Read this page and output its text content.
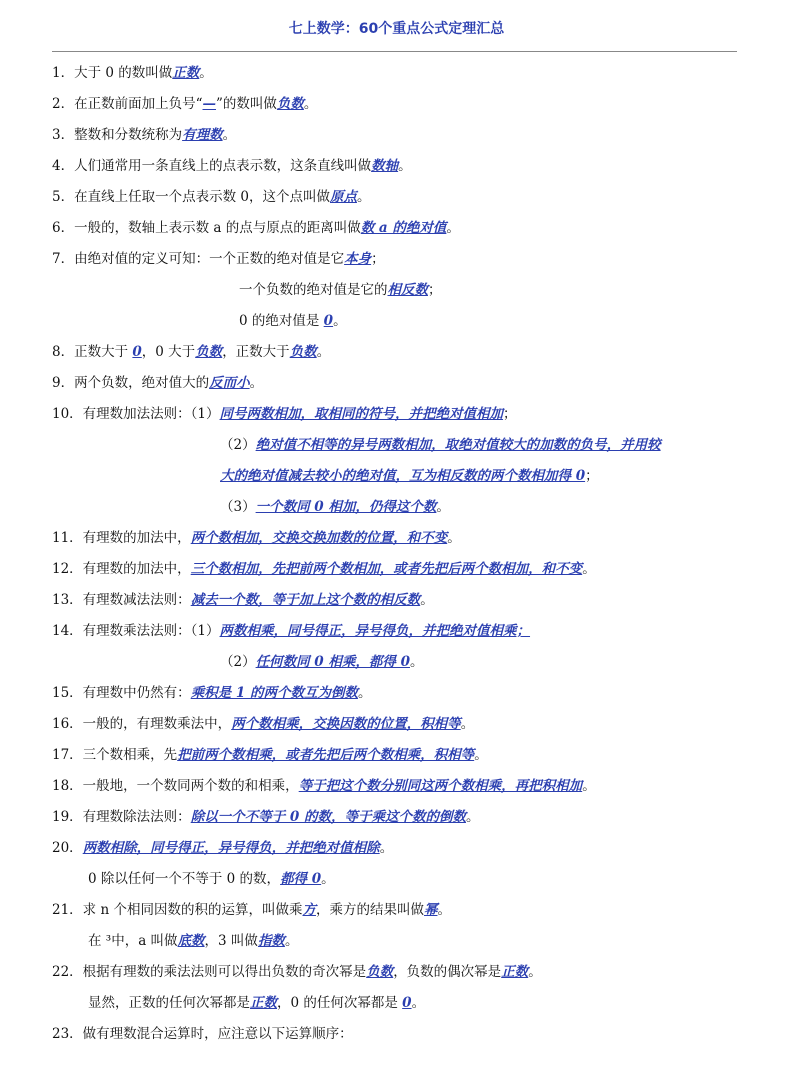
七上数学：60个重点公式定理汇总
1．大于 0 的数叫做正数。
2．在正数前面加上负号“—”的数叫做负数。
3．整数和分数统称为有理数。
4．人们通常用一条直线上的点表示数，这条直线叫做数轴。
5．在直线上任取一个点表示数 0，这个点叫做原点。
6．一般的，数轴上表示数 a 的点与原点的距离叫做数 a 的绝对值。
7．由绝对值的定义可知：一个正数的绝对值是它本身；
一个负数的绝对值是它的相反数；
0 的绝对值是 0。
8．正数大于 0，0 大于负数，正数大于负数。
9．两个负数，绝对值大的反而小。
10．有理数加法法则：（1）同号两数相加，取相同的符号，并把绝对值相加；
（2）绝对值不相等的异号两数相加，取绝对值较大的加数的负号，并用较
大的绝对值减去较小的绝对值，互为相反数的两个数相加得 0；
（3）一个数同 0 相加，仍得这个数。
11．有理数的加法中，两个数相加，交换交换加数的位置，和不变。
12．有理数的加法中，三个数相加，先把前两个数相加，或者先把后两个数相加，和不变。
13．有理数减法法则：减去一个数，等于加上这个数的相反数。
14．有理数乘法法则：（1）两数相乘，同号得正，异号得负，并把绝对值相乘；
（2）任何数同 0 相乘，都得 0。
15．有理数中仍然有：乘积是 1 的两个数互为倒数。
16．一般的，有理数乘法中，两个数相乘，交换因数的位置，积相等。
17．三个数相乘，先把前两个数相乘，或者先把后两个数相乘，积相等。
18．一般地，一个数同两个数的和相乘，等于把这个数分别同这两个数相乘，再把积相加。
19．有理数除法法则：除以一个不等于 0 的数，等于乘这个数的倒数。
20．两数相除，同号得正，异号得负，并把绝对值相除。
0 除以任何一个不等于 0 的数，都得 0。
21．求 n 个相同因数的积的运算，叫做乘方，乘方的结果叫做幂。
在 ³中，a 叫做底数，3 叫做指数。
22．根据有理数的乘法法则可以得出负数的奇次幂是负数，负数的偶次幂是正数。
显然，正数的任何次幂都是正数，0 的任何次幂都是 0。
23．做有理数混合运算时，应注意以下运算顺序：
